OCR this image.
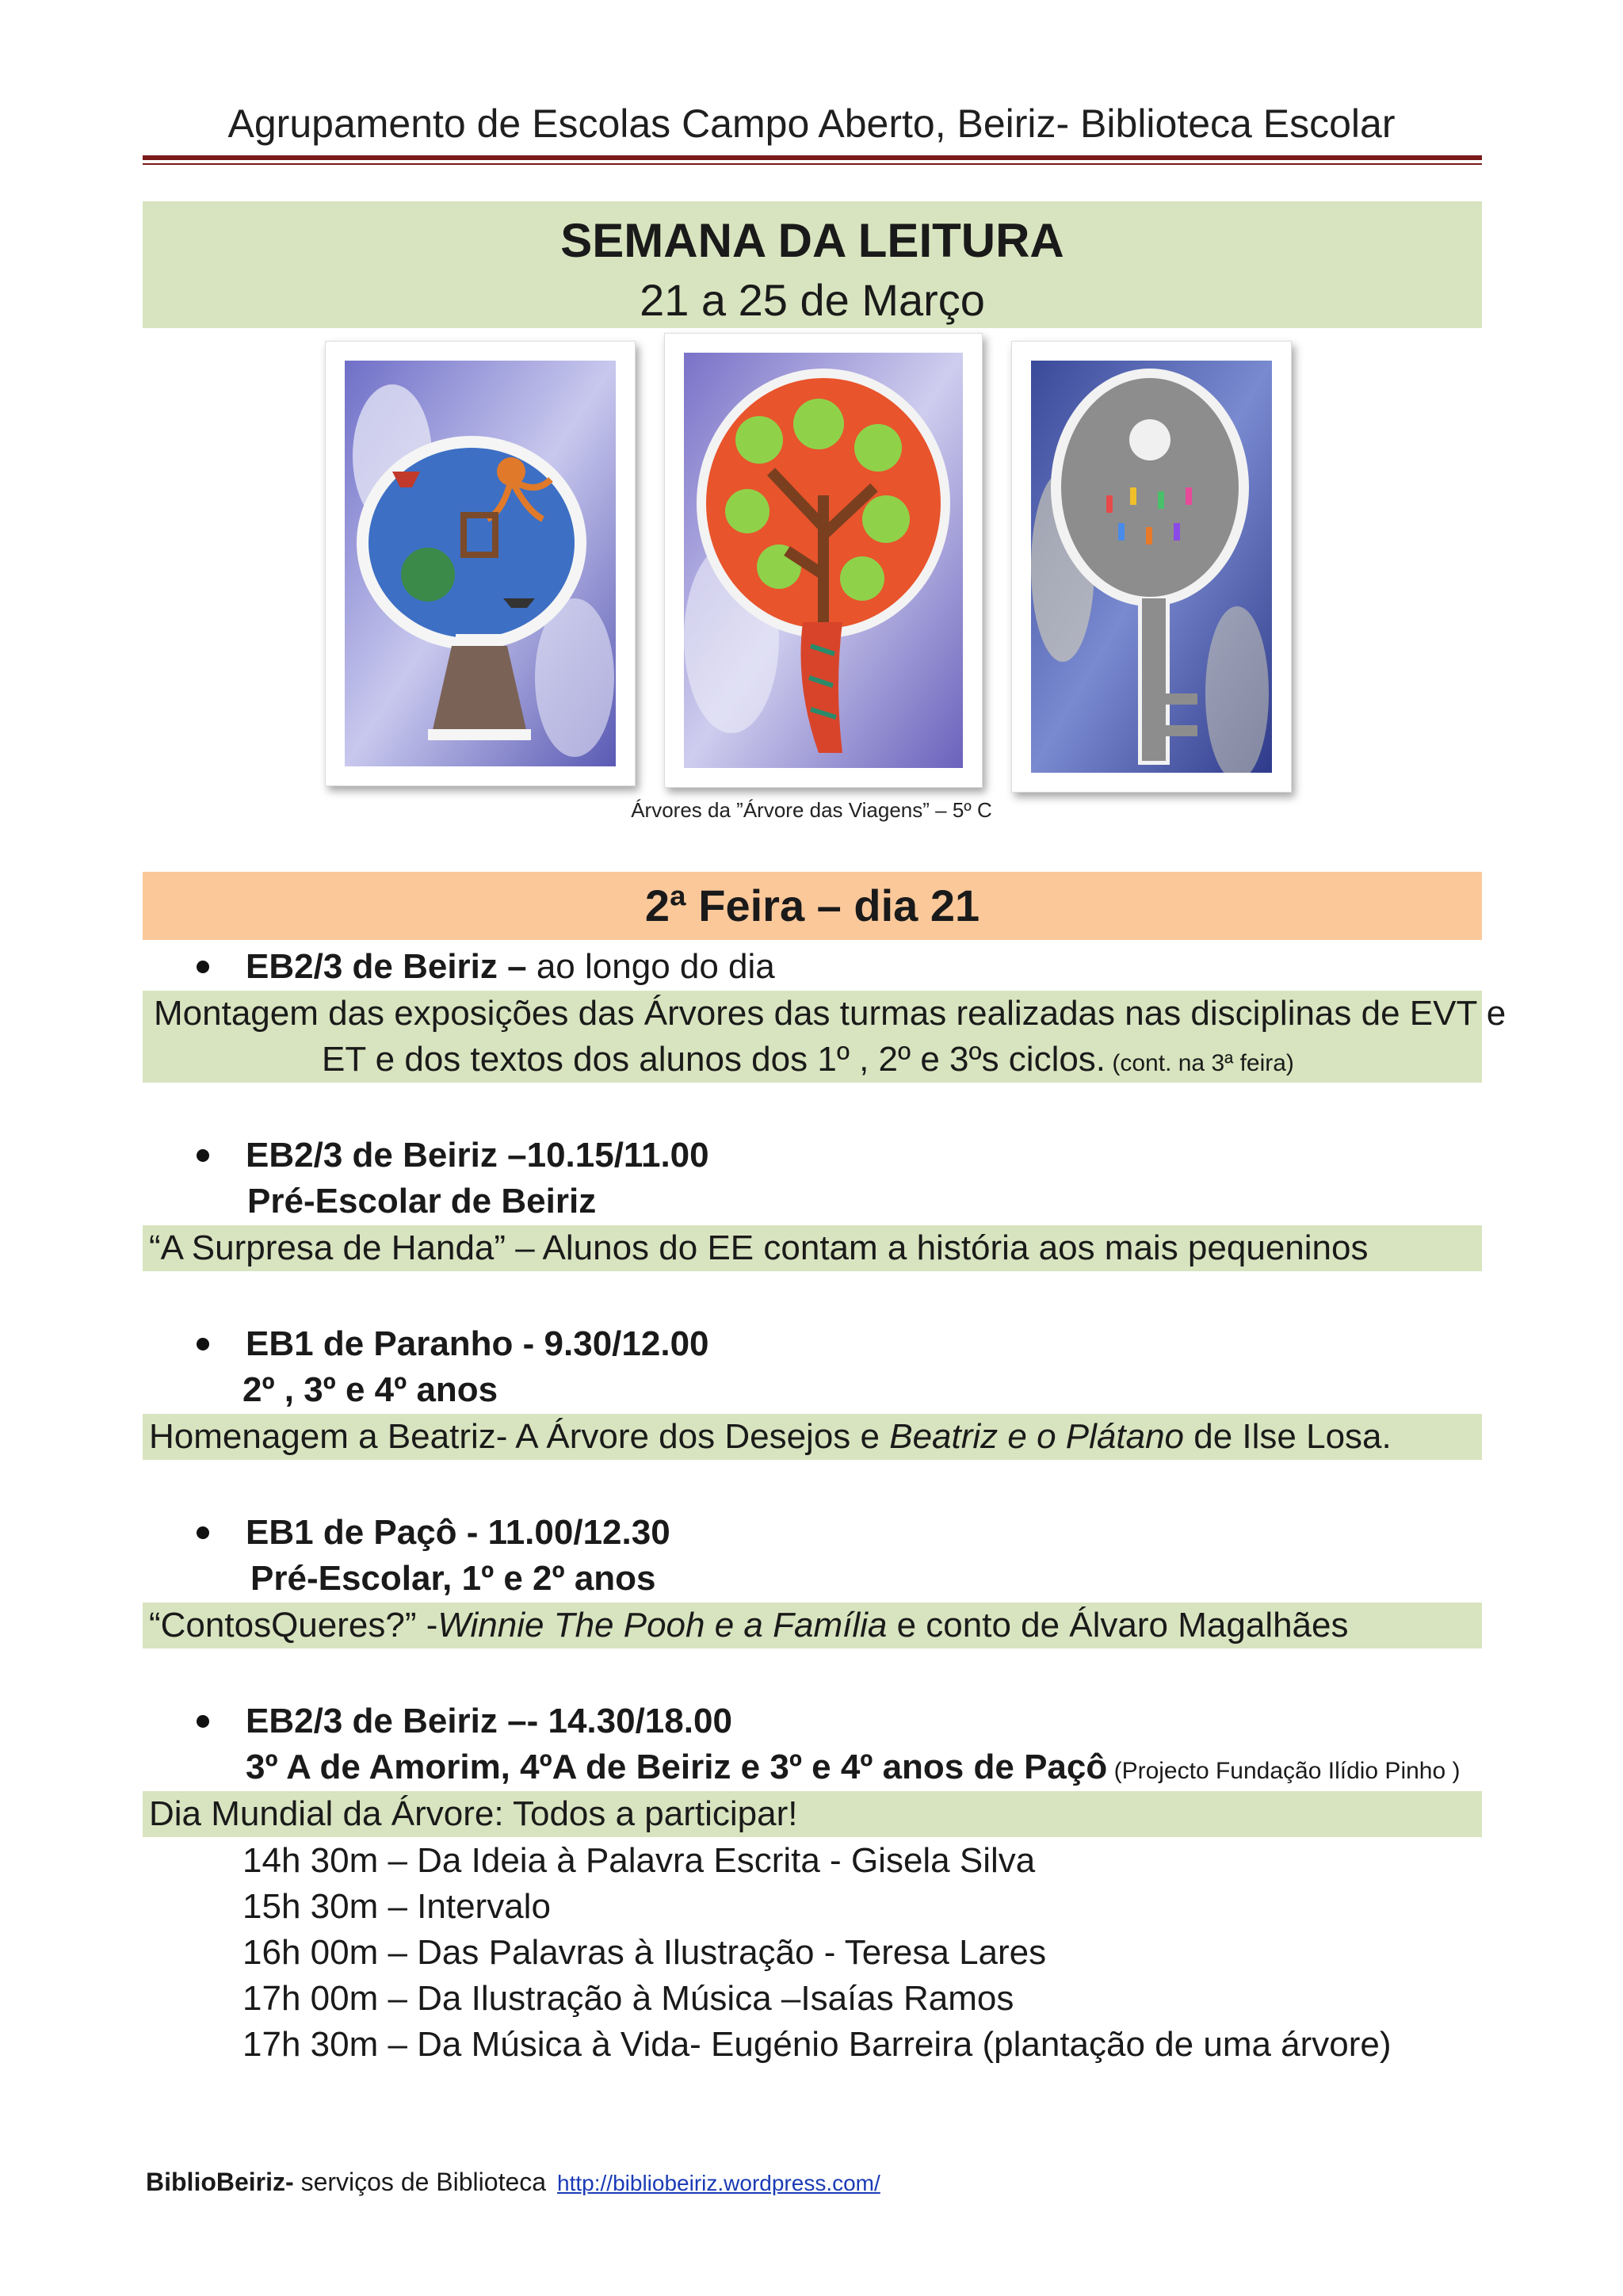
Agrupamento de Escolas Campo Aberto, Beiriz- Biblioteca Escolar
SEMANA DA LEITURA
21 a 25 de Março
Árvores da ”Árvore das Viagens” – 5º C
2ª Feira – dia 21
EB2/3 de Beiriz – ao longo do dia
Montagem das exposições das Árvores das turmas realizadas nas disciplinas de EVT e
ET e dos textos dos alunos dos 1º , 2º e 3ºs ciclos. (cont. na 3ª feira)
EB2/3 de Beiriz –10.15/11.00
Pré-Escolar de Beiriz
“A Surpresa de Handa” – Alunos do EE contam a história aos mais pequeninos
EB1 de Paranho - 9.30/12.00
2º , 3º e 4º anos
Homenagem a Beatriz- A Árvore dos Desejos e Beatriz e o Plátano de Ilse Losa.
EB1 de Paçô - 11.00/12.30
Pré-Escolar, 1º e 2º anos
“ContosQueres?” -Winnie The Pooh e a Família e conto de Álvaro Magalhães
EB2/3 de Beiriz –- 14.30/18.00
3º A de Amorim, 4ºA de Beiriz e 3º e 4º anos de Paçô (Projecto Fundação Ilídio Pinho )
Dia Mundial da Árvore: Todos a participar!
14h 30m – Da Ideia à Palavra Escrita - Gisela Silva
15h 30m – Intervalo
16h 00m – Das Palavras à Ilustração - Teresa Lares
17h 00m – Da Ilustração à Música –Isaías Ramos
17h 30m – Da Música à Vida- Eugénio Barreira (plantação de uma árvore)
BiblioBeiriz- serviços de Biblioteca http://bibliobeiriz.wordpress.com/
